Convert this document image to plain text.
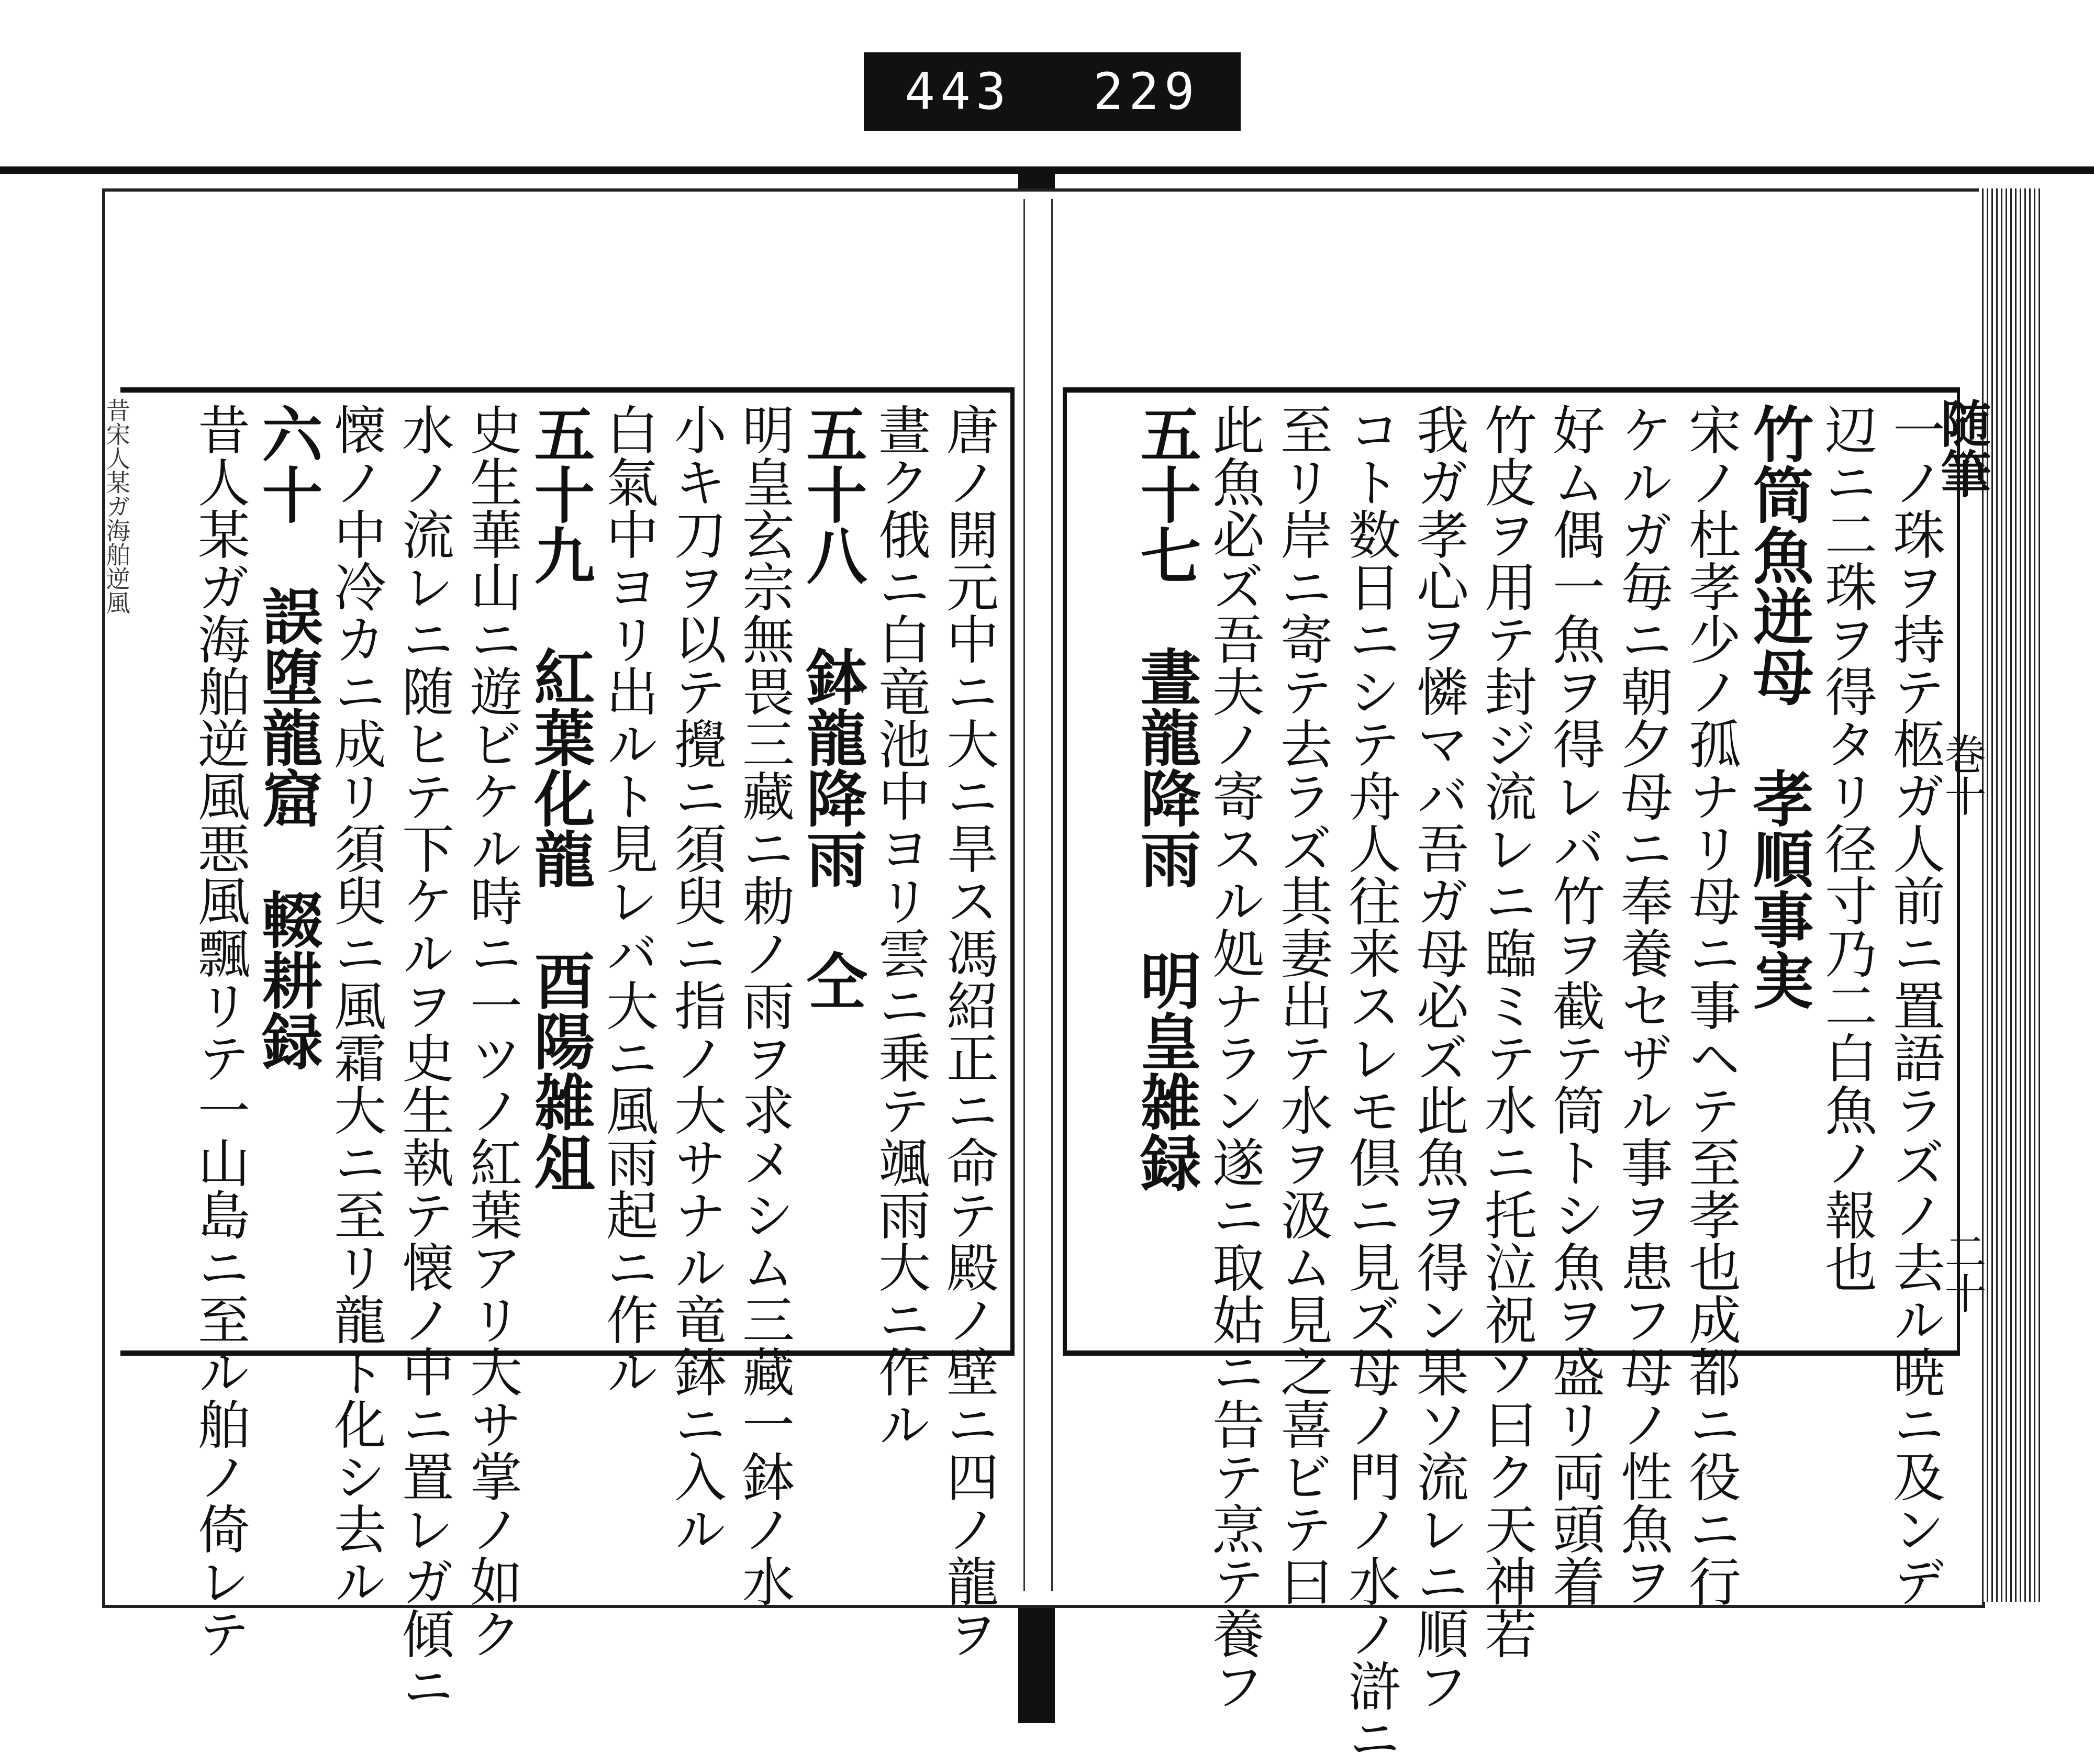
443 229
随筆
巻十
二十
昔宋人某ガ海舶逆風	一ノ珠ヲ持テ柩ガ人前ニ置語ラズノ去ル暁ニ及ンデ
辺ニ二珠ヲ得タリ径寸乃二白魚ノ報也
竹筒魚迸母　孝順事実
宋ノ杜孝少ノ孤ナリ母ニ事ヘテ至孝也成都ニ役ニ行
ケルガ毎ニ朝夕母ニ奉養セザル事ヲ患フ母ノ性魚ヲ
好ム偶一魚ヲ得レバ竹ヲ截テ筒トシ魚ヲ盛リ両頭着
竹皮ヲ用テ封ジ流レニ臨ミテ水ニ托泣祝ソ曰ク天神若
我ガ孝心ヲ憐マバ吾ガ母必ズ此魚ヲ得ン果ソ流レニ順フ
コト数日ニシテ舟人往来スレモ倶ニ見ズ母ノ門ノ水ノ滸ニ
至リ岸ニ寄テ去ラズ其妻出テ水ヲ汲ム見之喜ビテ曰
此魚必ズ吾夫ノ寄スル処ナラン遂ニ取姑ニ告テ烹テ養フ
五十七　晝龍降雨　明皇雑録
唐ノ開元中ニ大ニ旱ス馮紹正ニ命テ殿ノ壁ニ四ノ龍ヲ
晝ク俄ニ白竜池中ヨリ雲ニ乗テ颯雨大ニ作ル
五十八　鉢龍降雨　仝
明皇玄宗無畏三藏ニ勅ノ雨ヲ求メシム三藏一鉢ノ水
小キ刀ヲ以テ攪ニ須臾ニ指ノ大サナル竜鉢ニ入ル
白氣中ヨリ出ルト見レバ大ニ風雨起ニ作ル
五十九　紅葉化龍　酉陽雑俎
史生華山ニ遊ビケル時ニ一ツノ紅葉アリ大サ掌ノ如ク
水ノ流レニ随ヒテ下ケルヲ史生執テ懐ノ中ニ置レガ傾ニ
懐ノ中冷カニ成リ須臾ニ風霜大ニ至リ龍ト化シ去ル
六十　誤堕龍窟　輟耕録
昔人某ガ海舶逆風悪風飄リテ一山島ニ至ル舶ノ倚レテ
